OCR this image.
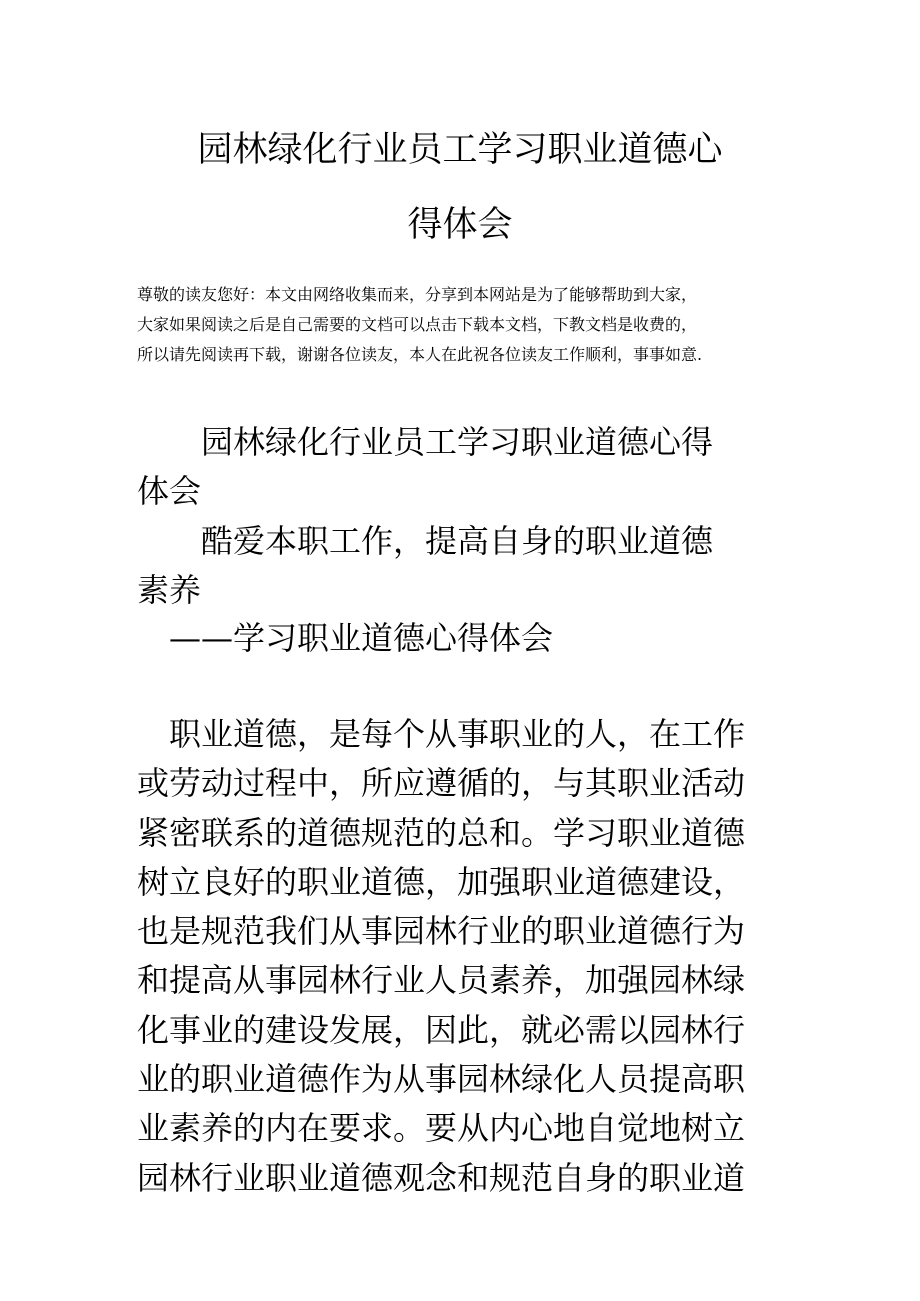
园林绿化行业员工学习职业道德心
得体会
尊敬的读友您好：本文由网络收集而来，分享到本网站是为了能够帮助到大家，
大家如果阅读之后是自己需要的文档可以点击下载本文档，下教文档是收费的，
所以请先阅读再下载，谢谢各位读友，本人在此祝各位读友工作顺利，事事如意.
　　园林绿化行业员工学习职业道德心得
体会
　　酷爱本职工作，提高自身的职业道德
素养
　——学习职业道德心得体会
　职业道德，是每个从事职业的人，在工作
或劳动过程中，所应遵循的，与其职业活动
紧密联系的道德规范的总和。学习职业道德
树立良好的职业道德，加强职业道德建设，
也是规范我们从事园林行业的职业道德行为
和提高从事园林行业人员素养，加强园林绿
化事业的建设发展，因此，就必需以园林行
业的职业道德作为从事园林绿化人员提高职
业素养的内在要求。要从内心地自觉地树立
园林行业职业道德观念和规范自身的职业道
